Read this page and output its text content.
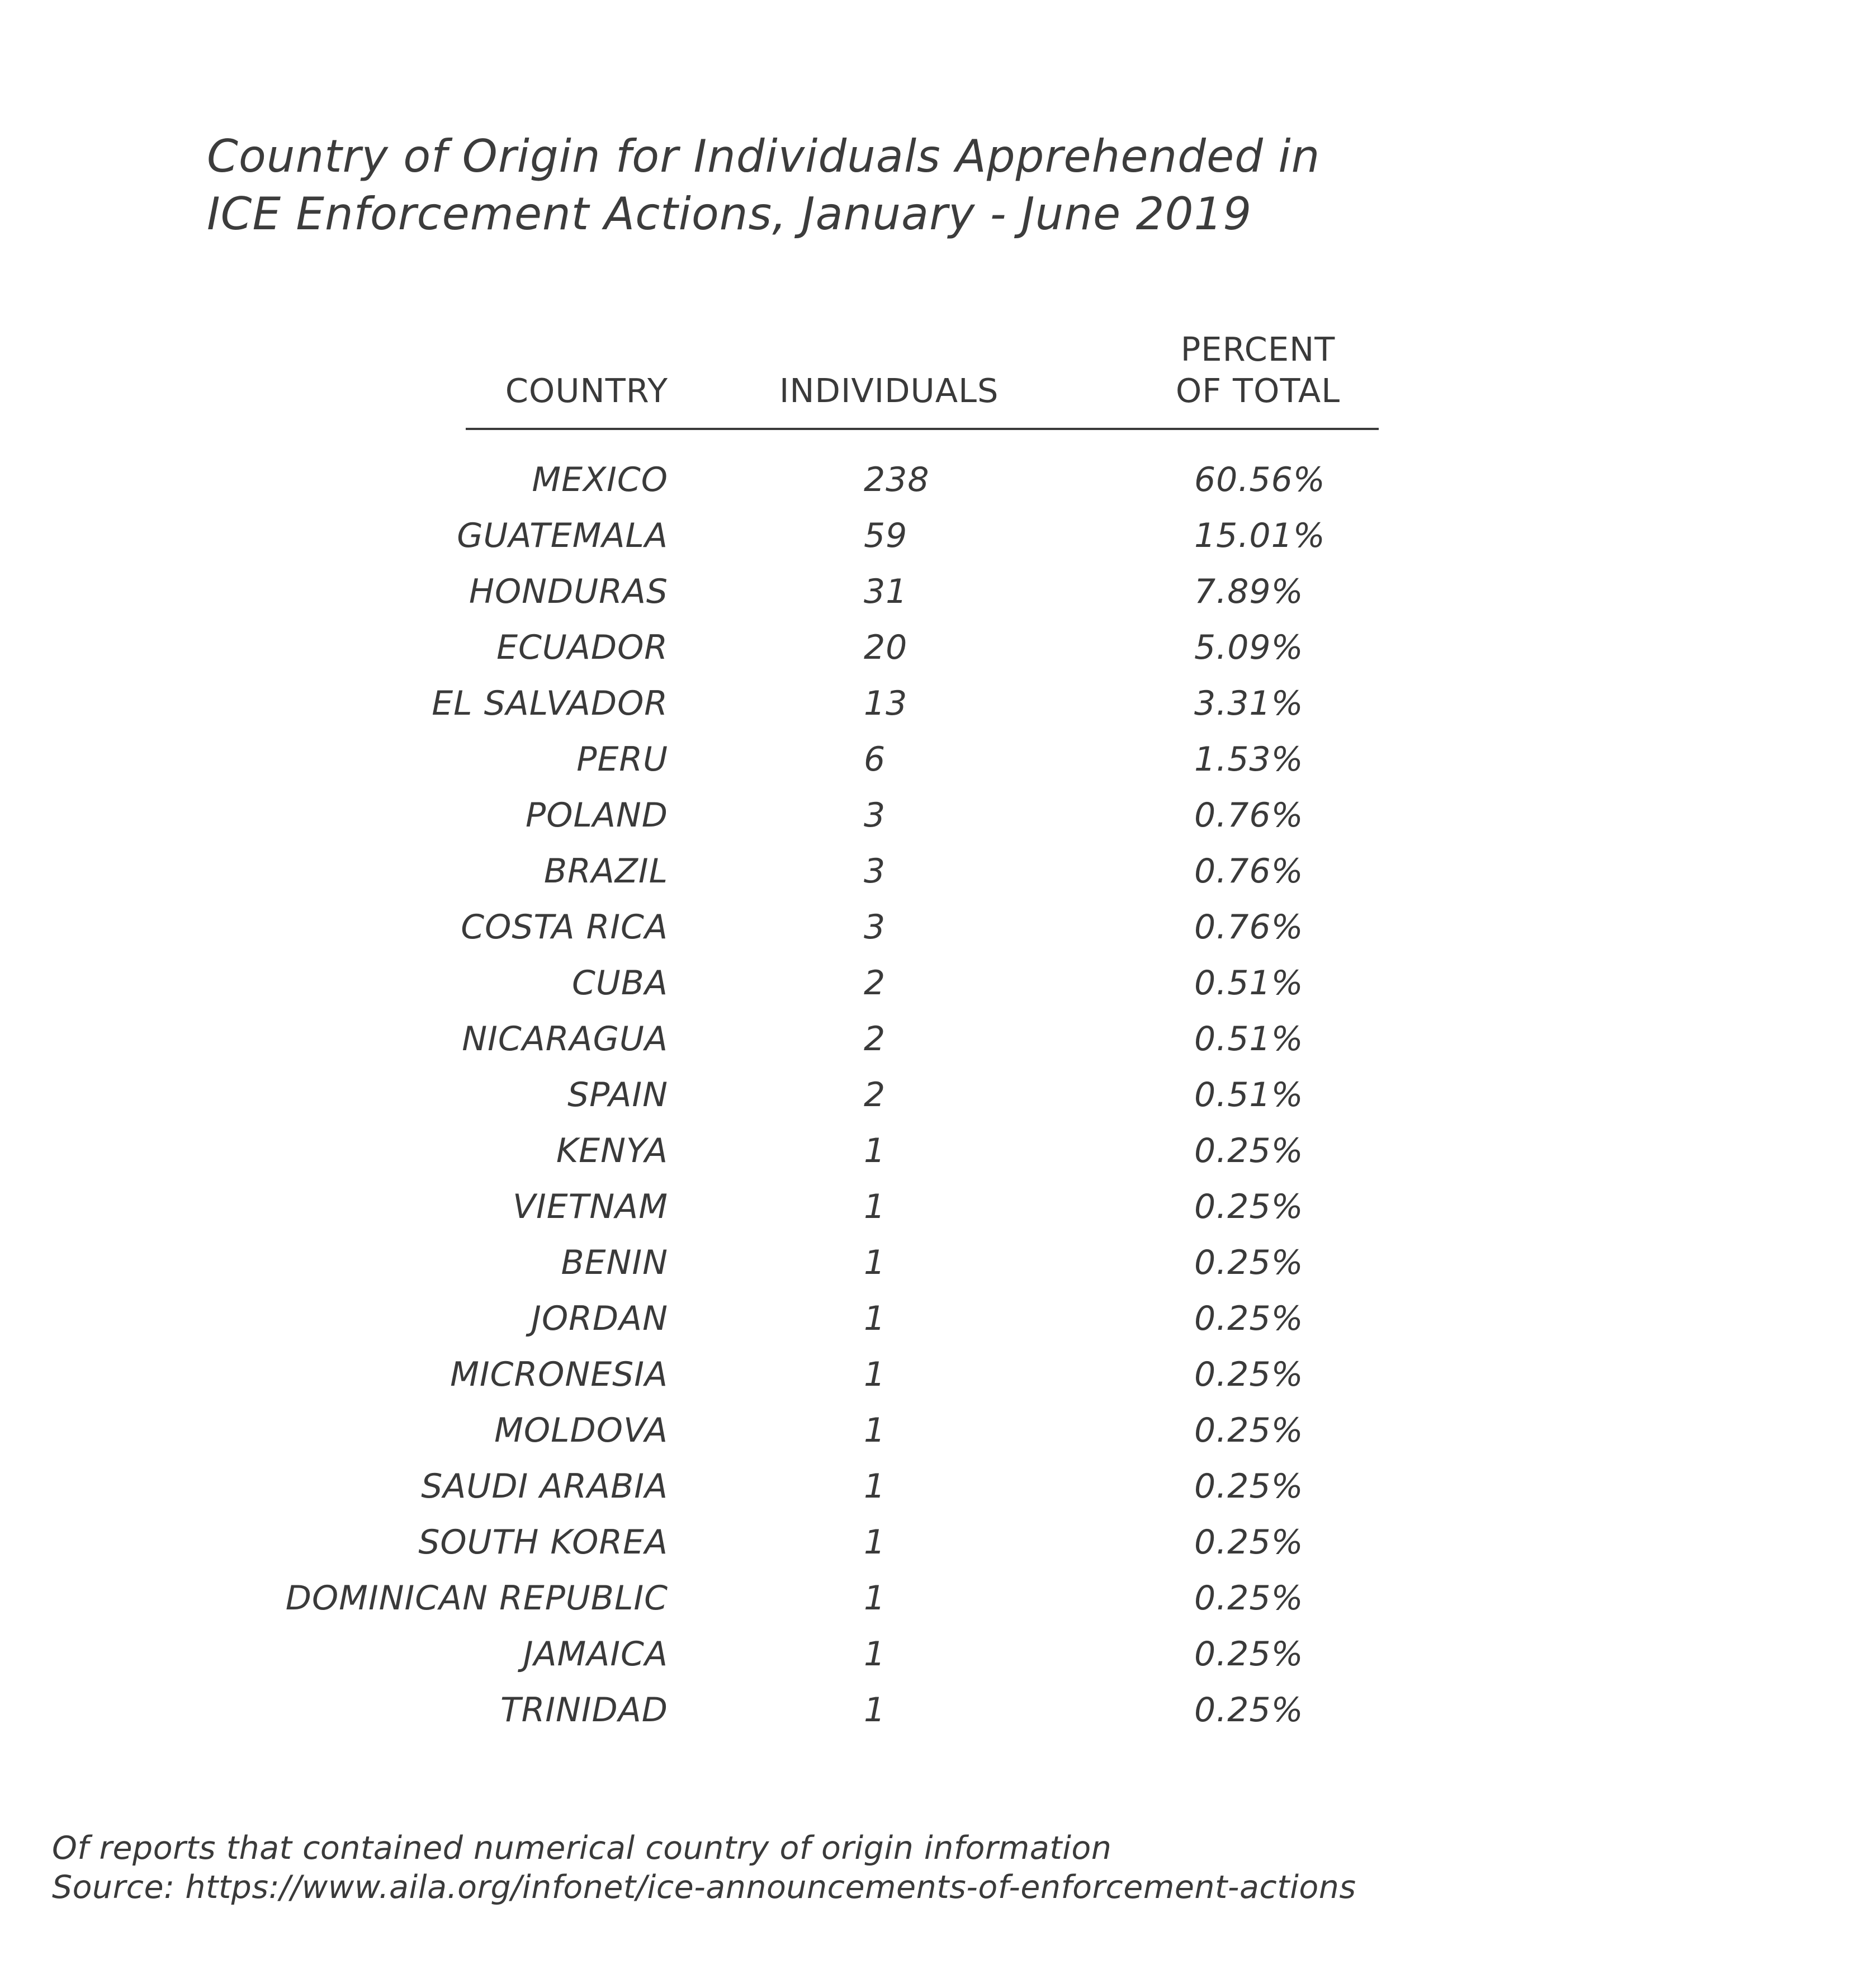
Country of Origin for Individuals Apprehended in
ICE Enforcement Actions, January - June 2019
COUNTRY	INDIVIDUALS
PERCENT
OF TOTAL
MEXICO	238	60.56%
GUATEMALA	59	15.01%
HONDURAS	31	7.89%
ECUADOR	20	5.09%
EL SALVADOR	13	3.31%
PERU	6	1.53%
POLAND	3	0.76%
BRAZIL	3	0.76%
COSTA RICA	3	0.76%
CUBA	2	0.51%
NICARAGUA	2	0.51%
SPAIN	2	0.51%
KENYA	1	0.25%
VIETNAM	1	0.25%
BENIN	1	0.25%
JORDAN	1	0.25%
MICRONESIA	1	0.25%
MOLDOVA	1	0.25%
SAUDI ARABIA	1	0.25%
SOUTH KOREA	1	0.25%
DOMINICAN REPUBLIC	1	0.25%
JAMAICA	1	0.25%
TRINIDAD	1	0.25%
Of reports that contained numerical country of origin information
Source: https://www.aila.org/infonet/ice-announcements-of-enforcement-actions
